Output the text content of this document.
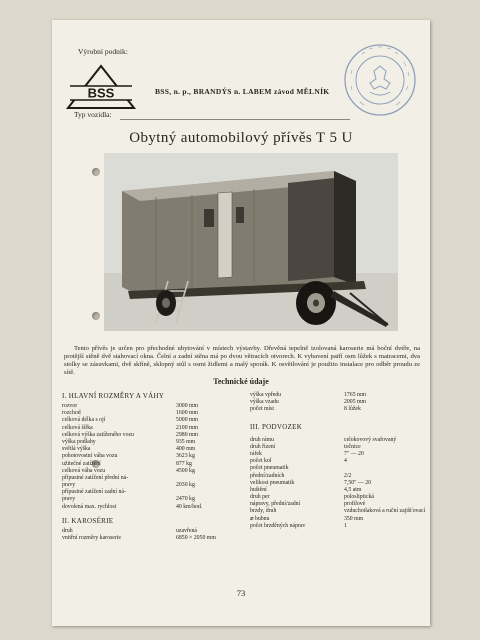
Výrobní podnik:
BSS	BSS, n. p., BRANDÝS n. LABEM závod MĚLNÍK
Typ vozidla:
Obytný automobilový přívěs T 5 U

Tento přívěs je určen pro přechodné ubytování v místech výstavby. Dřevěná tepelně izolovaná karoserie má boční dvéře, na protější stěně dvě stahovací okna. Čelní a zadní stěna má po dvou větracích otvorech. K vybavení patří osm lůžek s matracemi, dva stolky se zásuvkami, dvě skříně, sklopný stůl s osmi židlemi a malý sporák. K osvětlování je použito instalace pro odběr proudu ze sítě.

Technické údaje
I. HLAVNÍ ROZMĚRY A VÁHY
rozvor	3000 mm
rozchod	1600 mm
celková délka s ojí	5000 mm
celková šířka	2100 mm
celková výška zatíženého vozu	2980 mm
výška podlahy	935 mm
světlá výška	400 mm
pohotovostní váha vozu	3623 kg
užitečné zatížení	877 kg
celková váha vozu	4500 kg
přípustné zatížení přední ná-
pravy	2030 kg
přípustné zatížení zadní ná-
pravy	2470 kg
dovolená max. rychlost	40 km/hod.
II. KAROSÉRIE
druh	uzavřená
vnitřní rozměry karoserie	6850 × 2050 mm
výška vpředu	1765 mm
výška vzadu	2005 mm
počet míst	8 lůžek
III. PODVOZEK
druh rámu	celokovový svařovaný
druh řízení	točnice
ráfek	7" — 20
počet kol	4
počet pneumatik
přední/zadních	2/2
velikost pneumatik	7,50" — 20
huštění	4,5 atm
druh per	polosliptická
nápravy, přední/zadní	profilové
brzdy, druh	vzduchotlaková a ruční zajišťovací
⌀ bubnu	350 mm
počet brzděných náprav	1
73
